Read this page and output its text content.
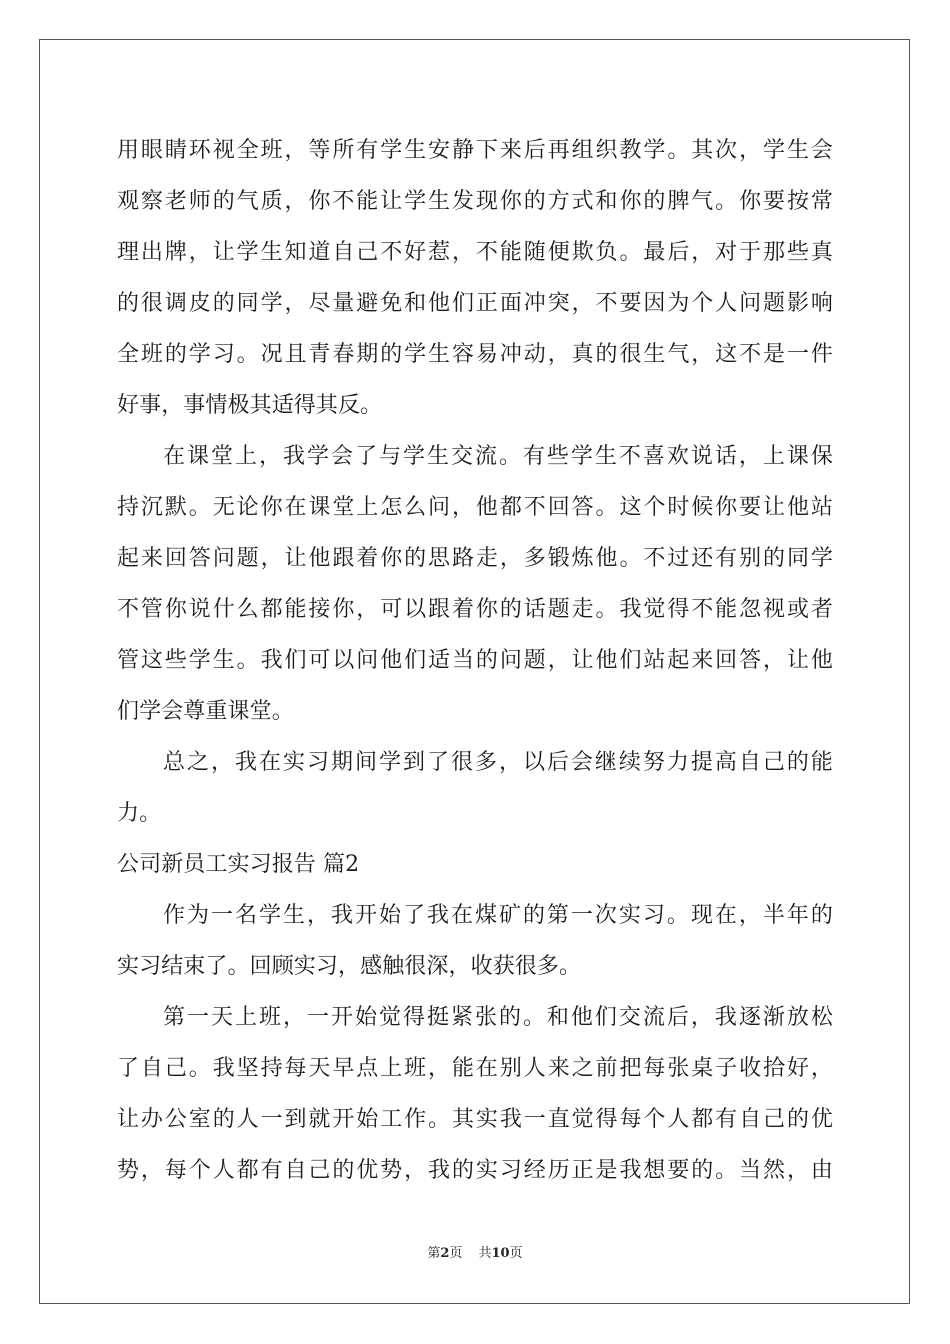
用眼睛环视全班，等所有学生安静下来后再组织教学。其次，学生会
观察老师的气质，你不能让学生发现你的方式和你的脾气。你要按常
理出牌，让学生知道自己不好惹，不能随便欺负。最后，对于那些真
的很调皮的同学，尽量避免和他们正面冲突，不要因为个人问题影响
全班的学习。况且青春期的学生容易冲动，真的很生气，这不是一件
好事，事情极其适得其反。
在课堂上，我学会了与学生交流。有些学生不喜欢说话，上课保
持沉默。无论你在课堂上怎么问，他都不回答。这个时候你要让他站
起来回答问题，让他跟着你的思路走，多锻炼他。不过还有别的同学
不管你说什么都能接你，可以跟着你的话题走。我觉得不能忽视或者
管这些学生。我们可以问他们适当的问题，让他们站起来回答，让他
们学会尊重课堂。
总之，我在实习期间学到了很多，以后会继续努力提高自己的能
力。
公司新员工实习报告 篇2
作为一名学生，我开始了我在煤矿的第一次实习。现在，半年的
实习结束了。回顾实习，感触很深，收获很多。
第一天上班，一开始觉得挺紧张的。和他们交流后，我逐渐放松
了自己。我坚持每天早点上班，能在别人来之前把每张桌子收拾好，
让办公室的人一到就开始工作。其实我一直觉得每个人都有自己的优
势，每个人都有自己的优势，我的实习经历正是我想要的。当然，由
第2页 共10页
